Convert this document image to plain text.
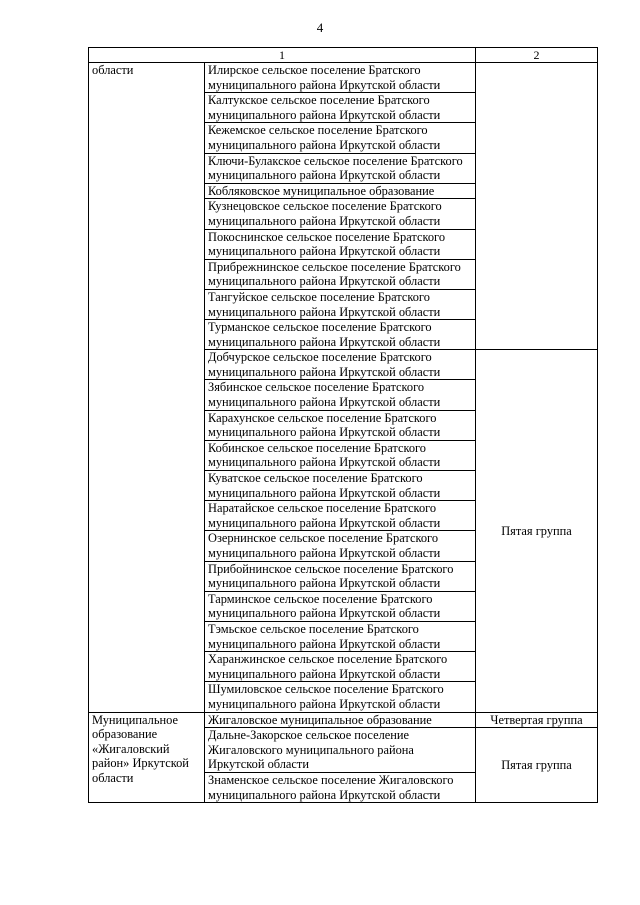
4
1		2
области	Илирское сельское поселение Братского муниципального района Иркутской области	
	Калтукское сельское поселение Братского муниципального района Иркутской области	
	Кежемское сельское поселение Братского муниципального района Иркутской области	
	Ключи-Булакское сельское поселение Братского муниципального района Иркутской области	
	Кобляковское муниципальное образование	
	Кузнецовское сельское поселение Братского муниципального района Иркутской области	
	Покоснинское сельское поселение Братского муниципального района Иркутской области	
	Прибрежнинское сельское поселение Братского муниципального района Иркутской области	
	Тангуйское сельское поселение Братского муниципального района Иркутской области	
	Турманское сельское поселение Братского муниципального района Иркутской области	
	Добчурское сельское поселение Братского муниципального района Иркутской области	Пятая группа
	Зябинское сельское поселение Братского муниципального района Иркутской области	
	Карахунское сельское поселение Братского муниципального района Иркутской области	
	Кобинское сельское поселение Братского муниципального района Иркутской области	
	Куватское сельское поселение Братского муниципального района Иркутской области	
	Наратайское сельское поселение Братского муниципального района Иркутской области	
	Озернинское сельское поселение Братского муниципального района Иркутской области	
	Прибойнинское сельское поселение Братского муниципального района Иркутской области	
	Тарминское сельское поселение Братского муниципального района Иркутской области	
	Тэмьское сельское поселение Братского муниципального района Иркутской области	
	Харанжинское сельское поселение Братского муниципального района Иркутской области	
	Шумиловское сельское поселение Братского муниципального района Иркутской области	
Муниципальное образование «Жигаловский район» Иркутской области	Жигаловское муниципальное образование	Четвертая группа
	Дальне-Закорское сельское поселение Жигаловского муниципального района Иркутской области	Пятая группа
	Знаменское сельское поселение Жигаловского муниципального района Иркутской области	
